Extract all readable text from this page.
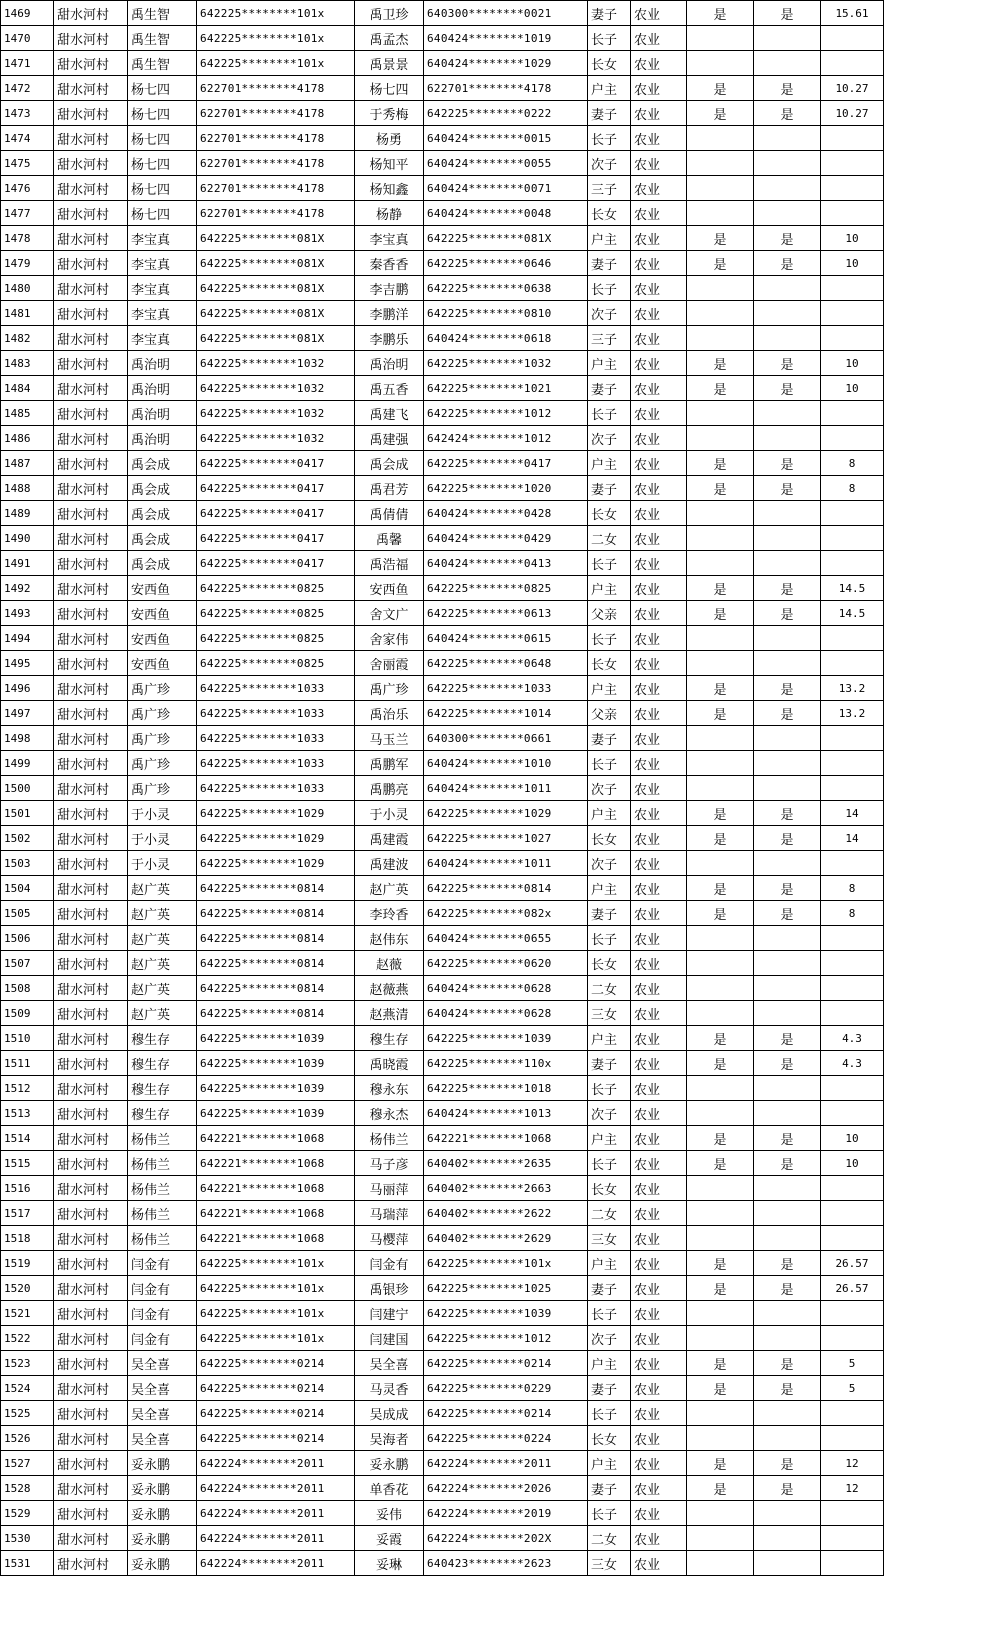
1469	甜水河村	禹生智	642225********101x	禹卫珍	640300********0021	妻子	农业	是	是	15.61
1470	甜水河村	禹生智	642225********101x	禹孟杰	640424********1019	长子	农业			
1471	甜水河村	禹生智	642225********101x	禹景景	640424********1029	长女	农业			
1472	甜水河村	杨七四	622701********4178	杨七四	622701********4178	户主	农业	是	是	10.27
1473	甜水河村	杨七四	622701********4178	于秀梅	642225********0222	妻子	农业	是	是	10.27
1474	甜水河村	杨七四	622701********4178	杨勇	640424********0015	长子	农业			
1475	甜水河村	杨七四	622701********4178	杨知平	640424********0055	次子	农业			
1476	甜水河村	杨七四	622701********4178	杨知鑫	640424********0071	三子	农业			
1477	甜水河村	杨七四	622701********4178	杨静	640424********0048	长女	农业			
1478	甜水河村	李宝真	642225********081X	李宝真	642225********081X	户主	农业	是	是	10
1479	甜水河村	李宝真	642225********081X	秦香香	642225********0646	妻子	农业	是	是	10
1480	甜水河村	李宝真	642225********081X	李吉鹏	642225********0638	长子	农业			
1481	甜水河村	李宝真	642225********081X	李鹏洋	642225********0810	次子	农业			
1482	甜水河村	李宝真	642225********081X	李鹏乐	640424********0618	三子	农业			
1483	甜水河村	禹治明	642225********1032	禹治明	642225********1032	户主	农业	是	是	10
1484	甜水河村	禹治明	642225********1032	禹五香	642225********1021	妻子	农业	是	是	10
1485	甜水河村	禹治明	642225********1032	禹建飞	642225********1012	长子	农业			
1486	甜水河村	禹治明	642225********1032	禹建强	642424********1012	次子	农业			
1487	甜水河村	禹会成	642225********0417	禹会成	642225********0417	户主	农业	是	是	8
1488	甜水河村	禹会成	642225********0417	禹君芳	642225********1020	妻子	农业	是	是	8
1489	甜水河村	禹会成	642225********0417	禹倩倩	640424********0428	长女	农业			
1490	甜水河村	禹会成	642225********0417	禹馨	640424********0429	二女	农业			
1491	甜水河村	禹会成	642225********0417	禹浩福	640424********0413	长子	农业			
1492	甜水河村	安西鱼	642225********0825	安西鱼	642225********0825	户主	农业	是	是	14.5
1493	甜水河村	安西鱼	642225********0825	舍文广	642225********0613	父亲	农业	是	是	14.5
1494	甜水河村	安西鱼	642225********0825	舍家伟	640424********0615	长子	农业			
1495	甜水河村	安西鱼	642225********0825	舍丽霞	642225********0648	长女	农业			
1496	甜水河村	禹广珍	642225********1033	禹广珍	642225********1033	户主	农业	是	是	13.2
1497	甜水河村	禹广珍	642225********1033	禹治乐	642225********1014	父亲	农业	是	是	13.2
1498	甜水河村	禹广珍	642225********1033	马玉兰	640300********0661	妻子	农业			
1499	甜水河村	禹广珍	642225********1033	禹鹏军	640424********1010	长子	农业			
1500	甜水河村	禹广珍	642225********1033	禹鹏亮	640424********1011	次子	农业			
1501	甜水河村	于小灵	642225********1029	于小灵	642225********1029	户主	农业	是	是	14
1502	甜水河村	于小灵	642225********1029	禹建霞	642225********1027	长女	农业	是	是	14
1503	甜水河村	于小灵	642225********1029	禹建波	640424********1011	次子	农业			
1504	甜水河村	赵广英	642225********0814	赵广英	642225********0814	户主	农业	是	是	8
1505	甜水河村	赵广英	642225********0814	李玲香	642225********082x	妻子	农业	是	是	8
1506	甜水河村	赵广英	642225********0814	赵伟东	640424********0655	长子	农业			
1507	甜水河村	赵广英	642225********0814	赵薇	642225********0620	长女	农业			
1508	甜水河村	赵广英	642225********0814	赵薇燕	640424********0628	二女	农业			
1509	甜水河村	赵广英	642225********0814	赵燕清	640424********0628	三女	农业			
1510	甜水河村	穆生存	642225********1039	穆生存	642225********1039	户主	农业	是	是	4.3
1511	甜水河村	穆生存	642225********1039	禹晓霞	642225********110x	妻子	农业	是	是	4.3
1512	甜水河村	穆生存	642225********1039	穆永东	642225********1018	长子	农业			
1513	甜水河村	穆生存	642225********1039	穆永杰	640424********1013	次子	农业			
1514	甜水河村	杨伟兰	642221********1068	杨伟兰	642221********1068	户主	农业	是	是	10
1515	甜水河村	杨伟兰	642221********1068	马子彦	640402********2635	长子	农业	是	是	10
1516	甜水河村	杨伟兰	642221********1068	马丽萍	640402********2663	长女	农业			
1517	甜水河村	杨伟兰	642221********1068	马瑞萍	640402********2622	二女	农业			
1518	甜水河村	杨伟兰	642221********1068	马樱萍	640402********2629	三女	农业			
1519	甜水河村	闫金有	642225********101x	闫金有	642225********101x	户主	农业	是	是	26.57
1520	甜水河村	闫金有	642225********101x	禹银珍	642225********1025	妻子	农业	是	是	26.57
1521	甜水河村	闫金有	642225********101x	闫建宁	642225********1039	长子	农业			
1522	甜水河村	闫金有	642225********101x	闫建国	642225********1012	次子	农业			
1523	甜水河村	吴全喜	642225********0214	吴全喜	642225********0214	户主	农业	是	是	5
1524	甜水河村	吴全喜	642225********0214	马灵香	642225********0229	妻子	农业	是	是	5
1525	甜水河村	吴全喜	642225********0214	吴成成	642225********0214	长子	农业			
1526	甜水河村	吴全喜	642225********0214	吴海者	642225********0224	长女	农业			
1527	甜水河村	妥永鹏	642224********2011	妥永鹏	642224********2011	户主	农业	是	是	12
1528	甜水河村	妥永鹏	642224********2011	单香花	642224********2026	妻子	农业	是	是	12
1529	甜水河村	妥永鹏	642224********2011	妥伟	642224********2019	长子	农业			
1530	甜水河村	妥永鹏	642224********2011	妥霞	642224********202X	二女	农业			
1531	甜水河村	妥永鹏	642224********2011	妥琳	640423********2623	三女	农业			
